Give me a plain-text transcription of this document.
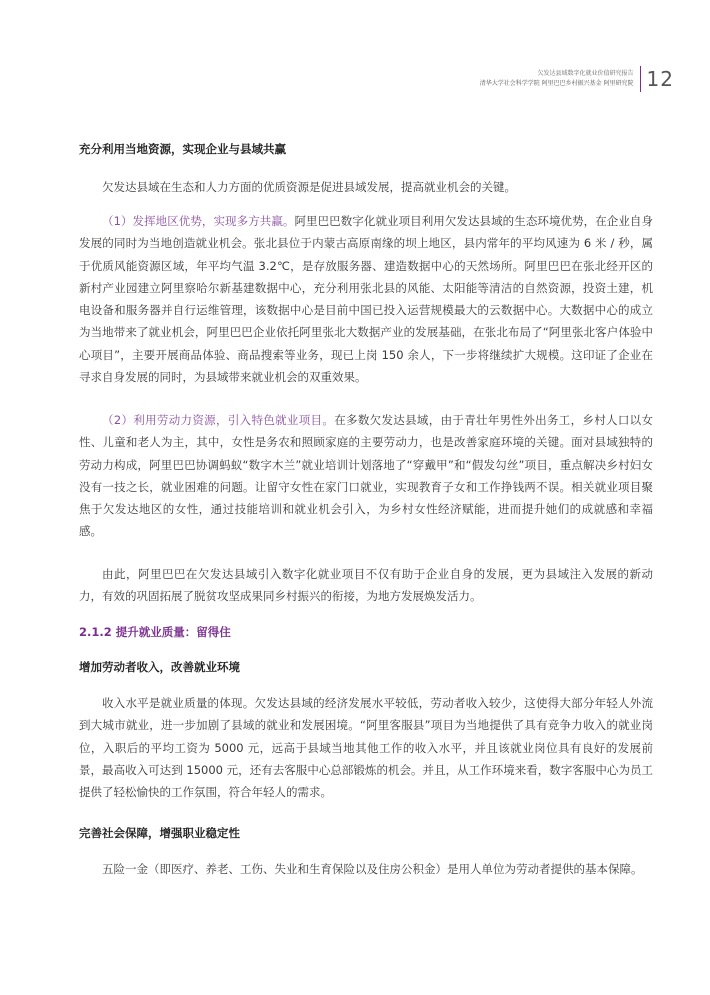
欠发达县域数字化就业价值研究报告
清华大学社会科学学院 阿里巴巴乡村振兴基金 阿里研究院 12
充分利用当地资源，实现企业与县域共赢

欠发达县域在生态和人力方面的优质资源是促进县域发展，提高就业机会的关键。

（1）发挥地区优势，实现多方共赢。阿里巴巴数字化就业项目利用欠发达县域的生态环境优势，在企业自身发展的同时为当地创造就业机会。张北县位于内蒙古高原南缘的坝上地区，县内常年的平均风速为 6 米 / 秒，属于优质风能资源区域，年平均气温 3.2℃，是存放服务器、建造数据中心的天然场所。阿里巴巴在张北经开区的新村产业园建立阿里察哈尔新基建数据中心，充分利用张北县的风能、太阳能等清洁的自然资源，投资土建，机电设备和服务器并自行运维管理，该数据中心是目前中国已投入运营规模最大的云数据中心。大数据中心的成立为当地带来了就业机会，阿里巴巴企业依托阿里张北大数据产业的发展基础，在张北布局了“阿里张北客户体验中心项目”，主要开展商品体验、商品搜索等业务，现已上岗 150 余人，下一步将继续扩大规模。这印证了企业在寻求自身发展的同时，为县域带来就业机会的双重效果。

（2）利用劳动力资源，引入特色就业项目。在多数欠发达县域，由于青壮年男性外出务工，乡村人口以女性、儿童和老人为主，其中，女性是务农和照顾家庭的主要劳动力，也是改善家庭环境的关键。面对县域独特的劳动力构成，阿里巴巴协调蚂蚁“数字木兰”就业培训计划落地了“穿戴甲”和“假发勾丝”项目，重点解决乡村妇女没有一技之长，就业困难的问题。让留守女性在家门口就业，实现教育子女和工作挣钱两不误。相关就业项目聚焦于欠发达地区的女性，通过技能培训和就业机会引入，为乡村女性经济赋能，进而提升她们的成就感和幸福感。

由此，阿里巴巴在欠发达县域引入数字化就业项目不仅有助于企业自身的发展，更为县域注入发展的新动力，有效的巩固拓展了脱贫攻坚成果同乡村振兴的衔接，为地方发展焕发活力。

2.1.2 提升就业质量：留得住
增加劳动者收入，改善就业环境

收入水平是就业质量的体现。欠发达县域的经济发展水平较低，劳动者收入较少，这使得大部分年轻人外流到大城市就业，进一步加剧了县域的就业和发展困境。“阿里客服县”项目为当地提供了具有竞争力收入的就业岗位，入职后的平均工资为 5000 元，远高于县域当地其他工作的收入水平，并且该就业岗位具有良好的发展前景，最高收入可达到 15000 元，还有去客服中心总部锻炼的机会。并且，从工作环境来看，数字客服中心为员工提供了轻松愉快的工作氛围，符合年轻人的需求。

完善社会保障，增强职业稳定性

五险一金（即医疗、养老、工伤、失业和生育保险以及住房公积金）是用人单位为劳动者提供的基本保障。
